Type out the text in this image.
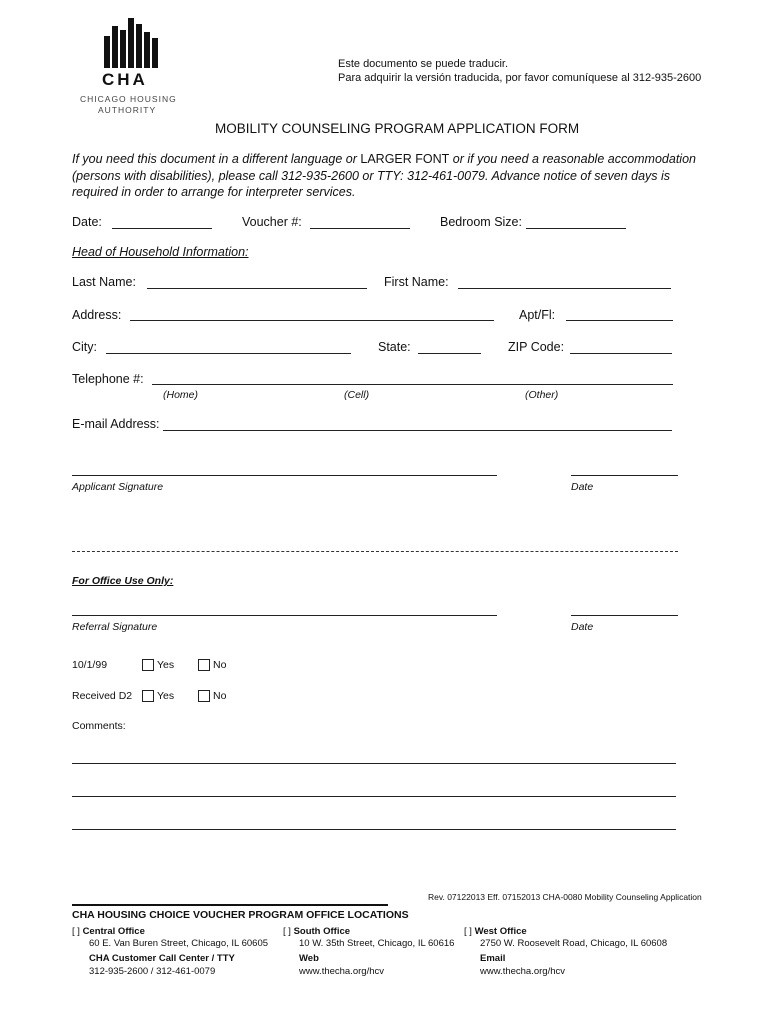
CHA
CHICAGO HOUSING
AUTHORITY
Este documento se puede traducir.
Para adquirir la versión traducida, por favor comuníquese al 312-935-2600
MOBILITY COUNSELING PROGRAM APPLICATION FORM
If you need this document in a different language or LARGER FONT or if you need a reasonable accommodation
(persons with disabilities), please call 312-935-2600 or TTY: 312-461-0079. Advance notice of seven days is
required in order to arrange for interpreter services.
Date:	Voucher #:	Bedroom Size:
Head of Household Information:
Last Name:	First Name:
Address:	Apt/Fl:
City:	State:	ZIP Code:
Telephone #:
(Home)	(Cell)	(Other)
E-mail Address:
Applicant Signature	Date
For Office Use Only:
Referral Signature	Date
10/1/99	Yes	No
Received D2 Yes	No
Comments:
Rev. 07122013 Eff. 07152013 CHA-0080 Mobility Counseling Application
CHA HOUSING CHOICE VOUCHER PROGRAM OFFICE LOCATIONS
[ ] Central Office
60 E. Van Buren Street, Chicago, IL 60605
CHA Customer Call Center / TTY
312-935-2600 / 312-461-0079
[ ] South Office
10 W. 35th Street, Chicago, IL 60616
Web
www.thecha.org/hcv
[ ] West Office
2750 W. Roosevelt Road, Chicago, IL 60608
Email
www.thecha.org/hcv
